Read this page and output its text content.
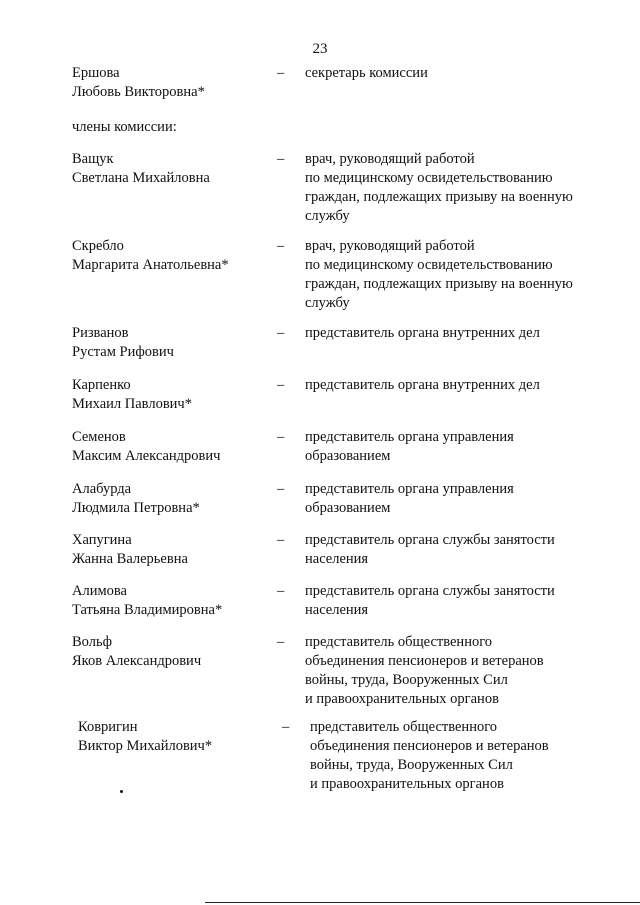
23
Ершова
Любовь Викторовна*
– секретарь комиссии
члены комиссии:
Ващук
Светлана Михайловна
– врач, руководящий работой
по медицинскому освидетельствованию
граждан, подлежащих призыву на военную
службу
Скребло
Маргарита Анатольевна*
– врач, руководящий работой
по медицинскому освидетельствованию
граждан, подлежащих призыву на военную
службу
Ризванов
Рустам Рифович
– представитель органа внутренних дел
Карпенко
Михаил Павлович*
– представитель органа внутренних дел
Семенов
Максим Александрович
– представитель органа управления
образованием
Алабурда
Людмила Петровна*
– представитель органа управления
образованием
Хапугина
Жанна Валерьевна
– представитель органа службы занятости
населения
Алимова
Татьяна Владимировна*
– представитель органа службы занятости
населения
Вольф
Яков Александрович
– представитель общественного
объединения пенсионеров и ветеранов
войны, труда, Вооруженных Сил
и правоохранительных органов
Ковригин
Виктор Михайлович*
– представитель общественного
объединения пенсионеров и ветеранов
войны, труда, Вооруженных Сил
и правоохранительных органов
